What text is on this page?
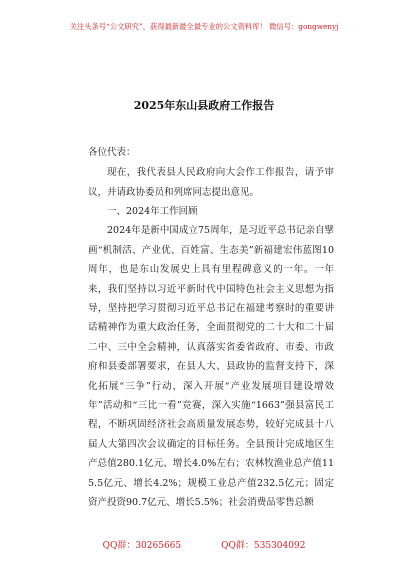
关注头条号“公文研究”，获得最新最全最专业的公文资料库！ 微信号：gongwenyj
2025年东山县政府工作报告

各位代表：

现在，我代表县人民政府向大会作工作报告，请予审议，并请政协委员和列席同志提出意见。

一、2024年工作回顾

2024年是新中国成立75周年，是习近平总书记亲自擘画“机制活、产业优、百姓富、生态美”新福建宏伟蓝图10周年，也是东山发展史上具有里程碑意义的一年。一年来，我们坚持以习近平新时代中国特色社会主义思想为指导，坚持把学习贯彻习近平总书记在福建考察时的重要讲话精神作为重大政治任务，全面贯彻党的二十大和二十届二中、三中全会精神，认真落实省委省政府、市委、市政府和县委部署要求，在县人大、县政协的监督支持下，深化拓展“三争”行动，深入开展“产业发展项目建设增效年”活动和“三比一看”竞赛，深入实施“1663”强县富民工程，不断巩固经济社会高质量发展态势，较好完成县十八届人大第四次会议确定的目标任务。全县预计完成地区生产总值280.1亿元、增长4.0%左右；农林牧渔业总产值115.5亿元、增长4.2%；规模工业总产值232.5亿元；固定资产投资90.7亿元、增长5.5%；社会消费品零售总额

QQ群：30265665	QQ群：535304092
